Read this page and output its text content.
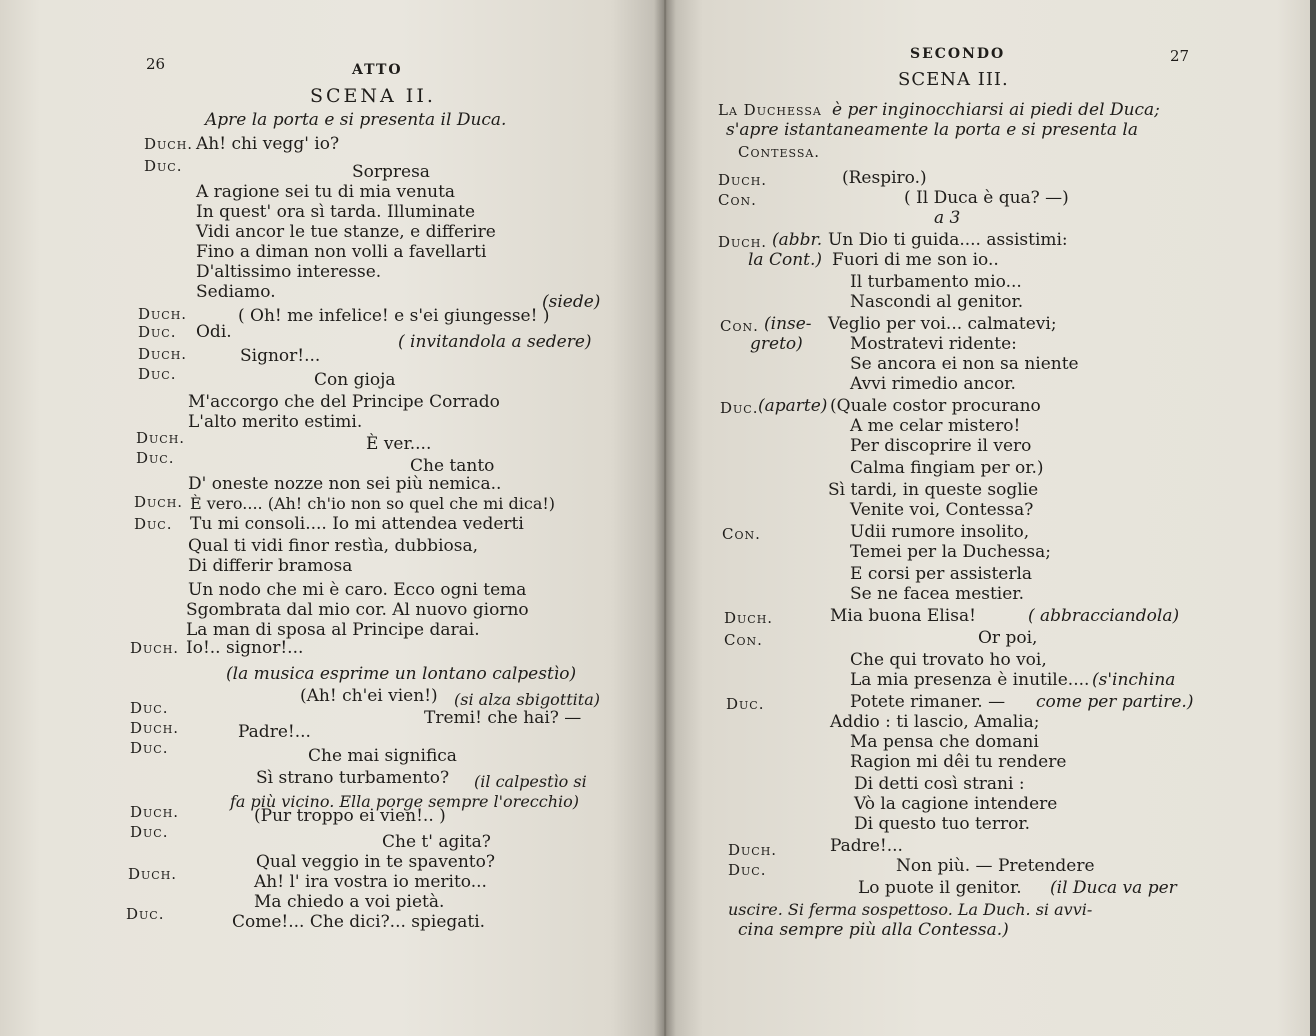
26	ATTO
SCENA II.
Apre la porta e si presenta il Duca.
Duch. Ah! chi vegg' io?
Duc.	Sorpresa
A ragione sei tu di mia venuta
In quest' ora sì tarda. Illuminate
Vidi ancor le tue stanze, e differire
Fino a diman non volli a favellarti
D'altissimo interesse.
Sediamo.	(siede)
Duch.	( Oh! me infelice! e s'ei giungesse! )
Duc. Odi.	( invitandola a sedere)
Duch.	Signor!...
Duc.	Con gioja
M'accorgo che del Principe Corrado
L'alto merito estimi.
Duch.	È ver....
Duc.	Che tanto
D' oneste nozze non sei più nemica..
Duch. È vero.... (Ah! ch'io non so quel che mi dica!)
Duc. Tu mi consoli.... Io mi attendea vederti
Qual ti vidi finor restìa, dubbiosa,
Di differir bramosa
Un nodo che mi è caro. Ecco ogni tema
Sgombrata dal mio cor. Al nuovo giorno
La man di sposa al Principe darai.
Duch. Io!.. signor!...
(la musica esprime un lontano calpestìo)
(Ah! ch'ei vien!) (si alza sbigottita)
Duc.	Tremi! che hai? —
Duch.	Padre!...
Duc.	Che mai significa
Sì strano turbamento? (il calpestìo si
fa più vicino. Ella porge sempre l'orecchio)
Duch.	(Pur troppo ei vien!.. )
Duc.	Che t' agita?
Qual veggio in te spavento?
Duch.	Ah! l' ira vostra io merito...
Ma chiedo a voi pietà.
Duc.	Come!... Che dici?... spiegati.
SECONDO	27
SCENA III.
La Duchessa è per inginocchiarsi ai piedi del Duca;
s'apre istantaneamente la porta e si presenta la
Contessa.
Duch.	(Respiro.)
Con.	( Il Duca è qua? —)
a 3
Duch. (abbr. Un Dio ti guida.... assistimi:
la Cont.) Fuori di me son io..
Il turbamento mio...
Nascondi al genitor.
Con. (inse- Veglio per voi... calmatevi;
greto)	Mostratevi ridente:
Se ancora ei non sa niente
Avvi rimedio ancor.
Duc. (aparte) (Quale costor procurano
A me celar mistero!
Per discoprire il vero
Calma fingiam per or.)
Sì tardi, in queste soglie
Venite voi, Contessa?
Con.	Udii rumore insolito,
Temei per la Duchessa;
E corsi per assisterla
Se ne facea mestier.
Duch.	Mia buona Elisa!	( abbracciandola)
Con.	Or poi,
Che qui trovato ho voi,
La mia presenza è inutile.... (s'inchina
Duc.	Potete rimaner. — come per partire.)
Addio : ti lascio, Amalia;
Ma pensa che domani
Ragion mi dêi tu rendere
Di detti così strani :
Vò la cagione intendere
Di questo tuo terror.
Duch.	Padre!...
Duc.	Non più. — Pretendere
Lo puote il genitor. (il Duca va per
uscire. Si ferma sospettoso. La Duch. si avvi-
cina sempre più alla Contessa.)
